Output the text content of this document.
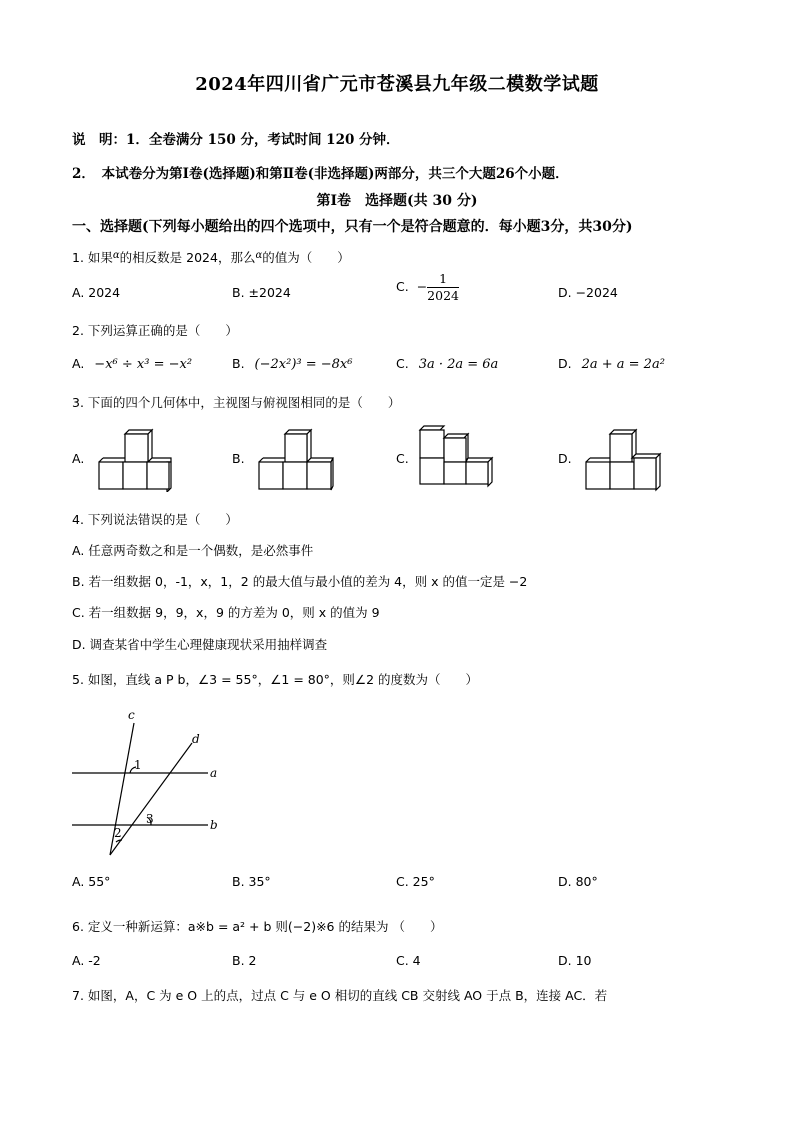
2024年四川省广元市苍溪县九年级二模数学试题
说　明：1．全卷满分 150 分，考试时间 120 分钟．
2．　本试卷分为第Ⅰ卷(选择题)和第Ⅱ卷(非选择题)两部分，共三个大题26个小题．
第Ⅰ卷　选择题(共 30 分)
一、选择题(下列每小题给出的四个选项中，只有一个是符合题意的．每小题3分，共30分)
1. 如果$^\alpha$的相反数是 2024，那么$^\alpha$的值为（　　）
A. 2024	B. ±2024	C. − $\frac{1}{2024}$	D. −2024
2. 下列运算正确的是（　　）
A. −x⁶ ÷ x³ = −x²	B. (−2x²)³ = −8x⁶	C. 3a · 2a = 6a	D. 2a + a = 2a²
3. 下面的四个几何体中，主视图与俯视图相同的是（　　）
A.	B.	C.	D.
4. 下列说法错误的是（　　）
A. 任意两奇数之和是一个偶数，是必然事件
B. 若一组数据 0，-1，x，1，2 的最大值与最小值的差为 4，则 x 的值一定是 −2
C. 若一组数据 9，9，x，9 的方差为 0，则 x 的值为 9
D. 调查某省中学生心理健康现状采用抽样调查
5. 如图，直线 a P b，∠3 = 55°，∠1 = 80°，则∠2 的度数为（　　）
c
d
a
b
1
2
3
A. 55°	B. 35°	C. 25°	D. 80°
6. 定义一种新运算：a※b = a² + b 则(−2)※6 的结果为 （　　）
A. -2	B. 2	C. 4	D. 10
7. 如图，A，C 为 e O 上的点，过点 C 与 e O 相切的直线 CB 交射线 AO 于点 B，连接 AC．若
